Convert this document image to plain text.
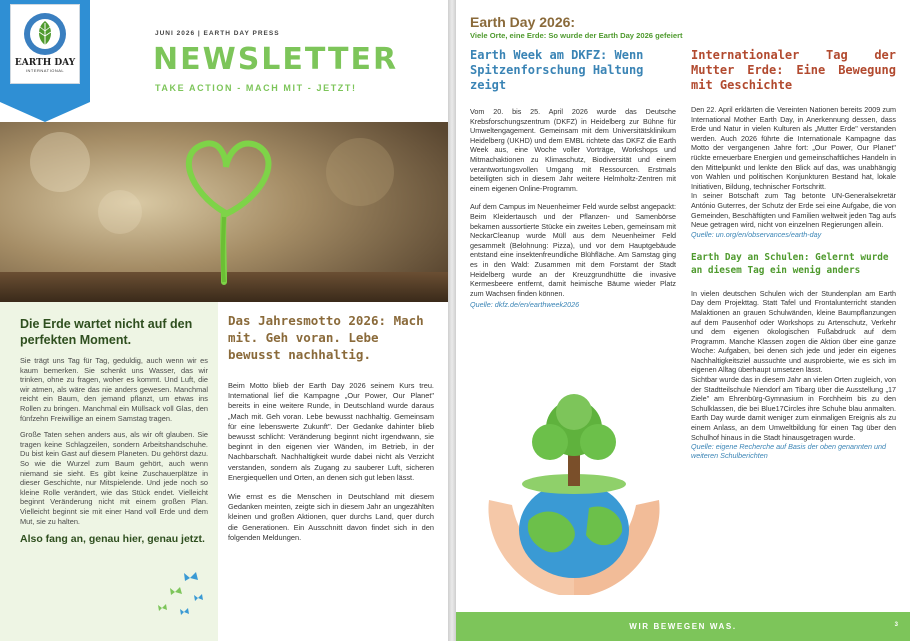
EARTH DAY
INTERNATIONAL
JUNI 2026 | EARTH DAY PRESS
NEWSLETTER
TAKE ACTION - MACH MIT - JETZT!
Die Erde wartet nicht auf den perfekten Moment.

Sie trägt uns Tag für Tag, geduldig, auch wenn wir es kaum bemerken. Sie schenkt uns Wasser, das wir trinken, ohne zu fragen, woher es kommt. Und Luft, die wir atmen, als wäre das nie anders gewesen. Manchmal reicht ein Baum, den jemand pflanzt, um etwas ins Rollen zu bringen. Manchmal ein Müllsack voll Glas, den fünfzehn Freiwillige an einem Samstag tragen.

Große Taten sehen anders aus, als wir oft glauben. Sie tragen keine Schlagzeilen, sondern Arbeitshandschuhe. Du bist kein Gast auf diesem Planeten. Du gehörst dazu. So wie die Wurzel zum Baum gehört, auch wenn niemand sie sieht. Es gibt keine Zuschauerplätze in dieser Geschichte, nur Mitspielende. Und jede noch so kleine Rolle verändert, wie das Stück endet. Vielleicht beginnt Veränderung nicht mit einem großen Plan. Vielleicht beginnt sie mit einer Hand voll Erde und dem Mut, sie zu halten.

Also fang an, genau hier, genau jetzt.
Das Jahresmotto 2026: Mach mit. Geh voran. Lebe bewusst nachhaltig.

Beim Motto blieb der Earth Day 2026 seinem Kurs treu. International lief die Kampagne „Our Power, Our Planet" bereits in eine weitere Runde, in Deutschland wurde daraus „Mach mit. Geh voran. Lebe bewusst nachhaltig. Gemeinsam für eine lebenswerte Zukunft". Der Gedanke dahinter blieb bewusst schlicht: Veränderung beginnt nicht irgendwann, sie beginnt in den eigenen vier Wänden, im Betrieb, in der Nachbarschaft. Nachhaltigkeit wurde dabei nicht als Verzicht verstanden, sondern als Zugang zu sauberer Luft, sicheren Energiequellen und Orten, an denen sich gut leben lässt.

Wie ernst es die Menschen in Deutschland mit diesem Gedanken meinten, zeigte sich in diesem Jahr an ungezählten kleinen und großen Aktionen, quer durchs Land, quer durch die Generationen. Ein Ausschnitt davon findet sich in den folgenden Meldungen.

Earth Day 2026:
Viele Orte, eine Erde: So wurde der Earth Day 2026 gefeiert
Earth Week am DKFZ: Wenn Spitzenforschung Haltung zeigt

Vom 20. bis 25. April 2026 wurde das Deutsche Krebsforschungszentrum (DKFZ) in Heidelberg zur Bühne für Umweltengagement. Gemeinsam mit dem Universitätsklinikum Heidelberg (UKHD) und dem EMBL richtete das DKFZ die Earth Week aus, eine Woche voller Vorträge, Workshops und Mitmachaktionen zu Klimaschutz, Biodiversität und einem verantwortungsvollen Umgang mit Ressourcen. Erstmals beteiligten sich in diesem Jahr weitere Helmholtz-Zentren mit einem eigenen Online-Programm.

Auf dem Campus im Neuenheimer Feld wurde selbst angepackt: Beim Kleidertausch und der Pflanzen- und Samenbörse bekamen aussortierte Stücke ein zweites Leben, gemeinsam mit NeckarCleanup wurde Müll aus dem Neuenheimer Feld gesammelt (Belohnung: Pizza), und vor dem Hauptgebäude entstand eine insektenfreundliche Blühfläche. Am Samstag ging es in den Wald: Zusammen mit dem Forstamt der Stadt Heidelberg wurde an der Kreuzgrundhütte die invasive Kermesbeere entfernt, damit heimische Bäume wieder Platz zum Wachsen finden können.

Quelle: dkfz.de/en/earthweek2026
Internationaler Tag der Mutter Erde: Eine Bewegung mit Geschichte

Den 22. April erklärten die Vereinten Nationen bereits 2009 zum International Mother Earth Day, in Anerkennung dessen, dass Erde und Natur in vielen Kulturen als „Mutter Erde" verstanden werden. Auch 2026 führte die Internationale Kampagne das Motto der vergangenen Jahre fort: „Our Power, Our Planet" rückte erneuerbare Energien und gemeinschaftliches Handeln in den Mittelpunkt und lenkte den Blick auf das, was unabhängig von Wahlen und politischen Konjunkturen Bestand hat, lokale Initiativen, Bildung, technischer Fortschritt.

In seiner Botschaft zum Tag betonte UN-Generalsekretär António Guterres, der Schutz der Erde sei eine Aufgabe, die von Gemeinden, Beschäftigten und Familien weltweit jeden Tag aufs Neue getragen wird, nicht von einzelnen Regierungen allein.

Quelle: un.org/en/observances/earth-day
Earth Day an Schulen: Gelernt wurde an diesem Tag ein wenig anders

In vielen deutschen Schulen wich der Stundenplan am Earth Day dem Projekttag. Statt Tafel und Frontalunterricht standen Malaktionen an grauen Schulwänden, kleine Baumpflanzungen auf dem Pausenhof oder Workshops zu Artenschutz, Verkehr und dem eigenen ökologischen Fußabdruck auf dem Programm. Manche Klassen zogen die Aktion über eine ganze Woche: Aufgaben, bei denen sich jede und jeder ein eigenes Nachhaltigkeitsziel aussuchte und ausprobierte, wie es sich im eigenen Alltag überhaupt umsetzen lässt.

Sichtbar wurde das in diesem Jahr an vielen Orten zugleich, von der Stadtteilschule Niendorf am Tibarg über die Ausstellung „17 Ziele" am Ehrenbürg-Gymnasium in Forchheim bis zu den Schulklassen, die bei Blue17Circles ihre Schuhe blau anmalten. Earth Day wurde damit weniger zum einmaligen Ereignis als zu einem Anlass, an dem Umweltbildung für einen Tag über den Schulhof hinaus in die Stadt hinausgetragen wurde.

Quelle: eigene Recherche auf Basis der oben genannten und weiteren Schulberichten
WIR BEWEGEN WAS.	3
